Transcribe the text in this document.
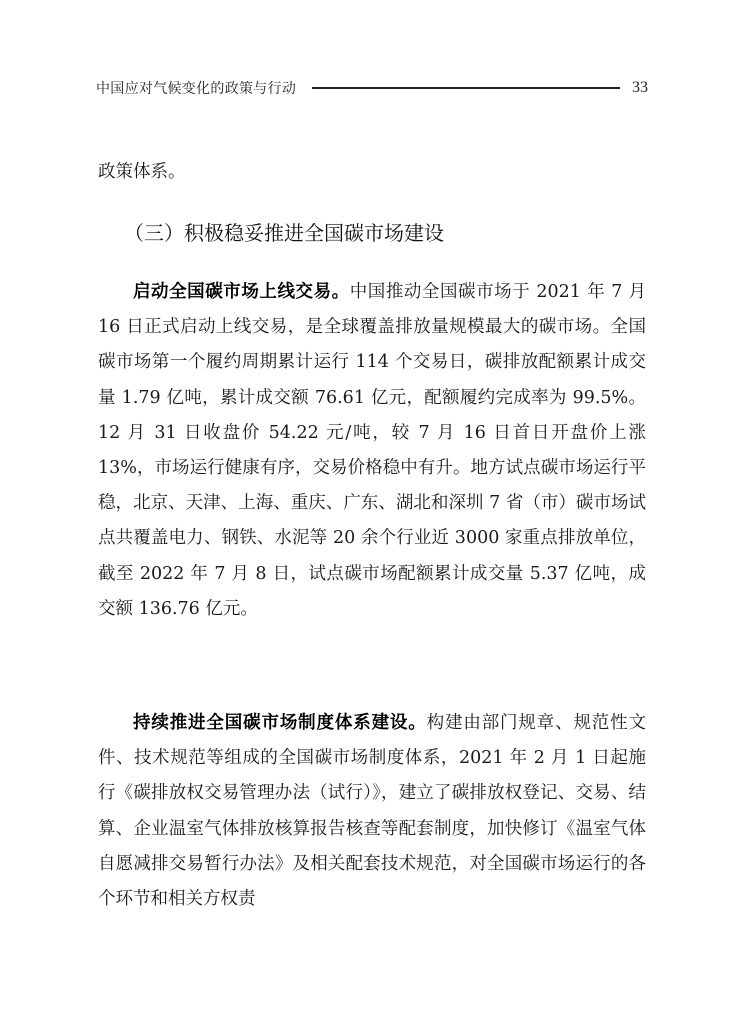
中国应对气候变化的政策与行动	33

政策体系。

（三）积极稳妥推进全国碳市场建设

启动全国碳市场上线交易。中国推动全国碳市场于 2021 年 7 月 16 日正式启动上线交易，是全球覆盖排放量规模最大的碳市场。全国碳市场第一个履约周期累计运行 114 个交易日，碳排放配额累计成交量 1.79 亿吨，累计成交额 76.61 亿元，配额履约完成率为 99.5%。12 月 31 日收盘价 54.22 元/吨，较 7 月 16 日首日开盘价上涨 13%，市场运行健康有序，交易价格稳中有升。地方试点碳市场运行平稳，北京、天津、上海、重庆、广东、湖北和深圳 7 省（市）碳市场试点共覆盖电力、钢铁、水泥等 20 余个行业近 3000 家重点排放单位，截至 2022 年 7 月 8 日，试点碳市场配额累计成交量 5.37 亿吨，成交额 136.76 亿元。

持续推进全国碳市场制度体系建设。构建由部门规章、规范性文件、技术规范等组成的全国碳市场制度体系，2021 年 2 月 1 日起施行《碳排放权交易管理办法（试行）》，建立了碳排放权登记、交易、结算、企业温室气体排放核算报告核查等配套制度，加快修订《温室气体自愿减排交易暂行办法》及相关配套技术规范，对全国碳市场运行的各个环节和相关方权责
